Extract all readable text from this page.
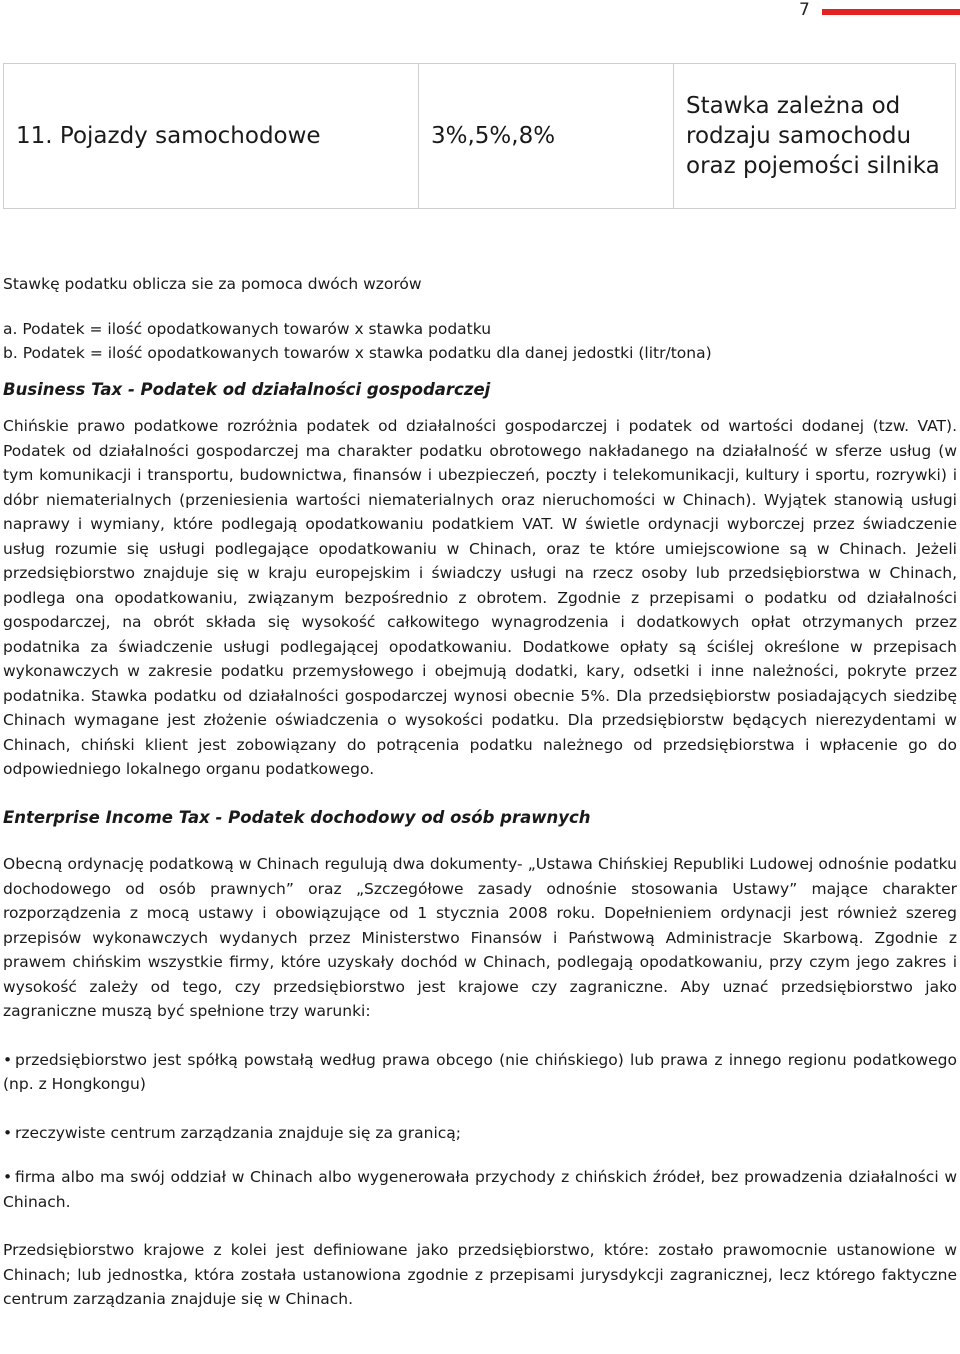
7
11. Pojazdy samochodowe	3%,5%,8%	Stawka zależna od rodzaju samochodu oraz pojemości silnika

Stawkę podatku oblicza sie za pomoca dwóch wzorów

a. Podatek = ilość opodatkowanych towarów x stawka podatku

b. Podatek = ilość opodatkowanych towarów x stawka podatku dla danej jedostki (litr/tona)

Business Tax - Podatek od działalności gospodarczej

Chińskie prawo podatkowe rozróżnia podatek od działalności gospodarczej i podatek od wartości dodanej (tzw. VAT). Podatek od działalności gospodarczej ma charakter podatku obrotowego nakładanego na działalność w sferze usług (w tym komunikacji i transportu, budownictwa, finansów i ubezpieczeń, poczty i telekomunikacji, kultury i sportu, rozrywki) i dóbr niematerialnych (przeniesienia wartości niematerialnych oraz nieruchomości w Chinach). Wyjątek stanowią usługi naprawy i wymiany, które podlegają opodatkowaniu podatkiem VAT. W świetle ordynacji wyborczej przez świadczenie usług rozumie się usługi podlegające opodatkowaniu w Chinach, oraz te które umiejscowione są w Chinach. Jeżeli przedsiębiorstwo znajduje się w kraju europejskim i świadczy usługi na rzecz osoby lub przedsiębiorstwa w Chinach, podlega ona opodatkowaniu, związanym bezpośrednio z obrotem. Zgodnie z przepisami o podatku od działalności gospodarczej, na obrót składa się wysokość całkowitego wynagrodzenia i dodatkowych opłat otrzymanych przez podatnika za świadczenie usługi podlegającej opodatkowaniu. Dodatkowe opłaty są ściślej określone w przepisach wykonawczych w zakresie podatku przemysłowego i obejmują dodatki, kary, odsetki i inne należności, pokryte przez podatnika. Stawka podatku od działalności gospodarczej wynosi obecnie 5%. Dla przedsiębiorstw posiadających siedzibę Chinach wymagane jest złożenie oświadczenia o wysokości podatku. Dla przedsiębiorstw będących nierezydentami w Chinach, chiński klient jest zobowiązany do potrącenia podatku należnego od przedsiębiorstwa i wpłacenie go do odpowiedniego lokalnego organu podatkowego.

Enterprise Income Tax - Podatek dochodowy od osób prawnych

Obecną ordynację podatkową w Chinach regulują dwa dokumenty- „Ustawa Chińskiej Republiki Ludowej odnośnie podatku dochodowego od osób prawnych” oraz „Szczegółowe zasady odnośnie stosowania Ustawy” mające charakter rozporządzenia z mocą ustawy i obowiązujące od 1 stycznia 2008 roku. Dopełnieniem ordynacji jest również szereg przepisów wykonawczych wydanych przez Ministerstwo Finansów i Państwową Administracje Skarbową. Zgodnie z prawem chińskim wszystkie firmy, które uzyskały dochód w Chinach, podlegają opodatkowaniu, przy czym jego zakres i wysokość zależy od tego, czy przedsiębiorstwo jest krajowe czy zagraniczne. Aby uznać przedsiębiorstwo jako zagraniczne muszą być spełnione trzy warunki:

• przedsiębiorstwo jest spółką powstałą według prawa obcego (nie chińskiego) lub prawa z innego regionu podatkowego (np. z Hongkongu)

• rzeczywiste centrum zarządzania znajduje się za granicą;

• firma albo ma swój oddział w Chinach albo wygenerowała przychody z chińskich źródeł, bez prowadzenia działalności w Chinach.

Przedsiębiorstwo krajowe z kolei jest definiowane jako przedsiębiorstwo, które: zostało prawomocnie ustanowione w Chinach; lub jednostka, która została ustanowiona zgodnie z przepisami jurysdykcji zagranicznej, lecz którego faktyczne centrum zarządzania znajduje się w Chinach.
